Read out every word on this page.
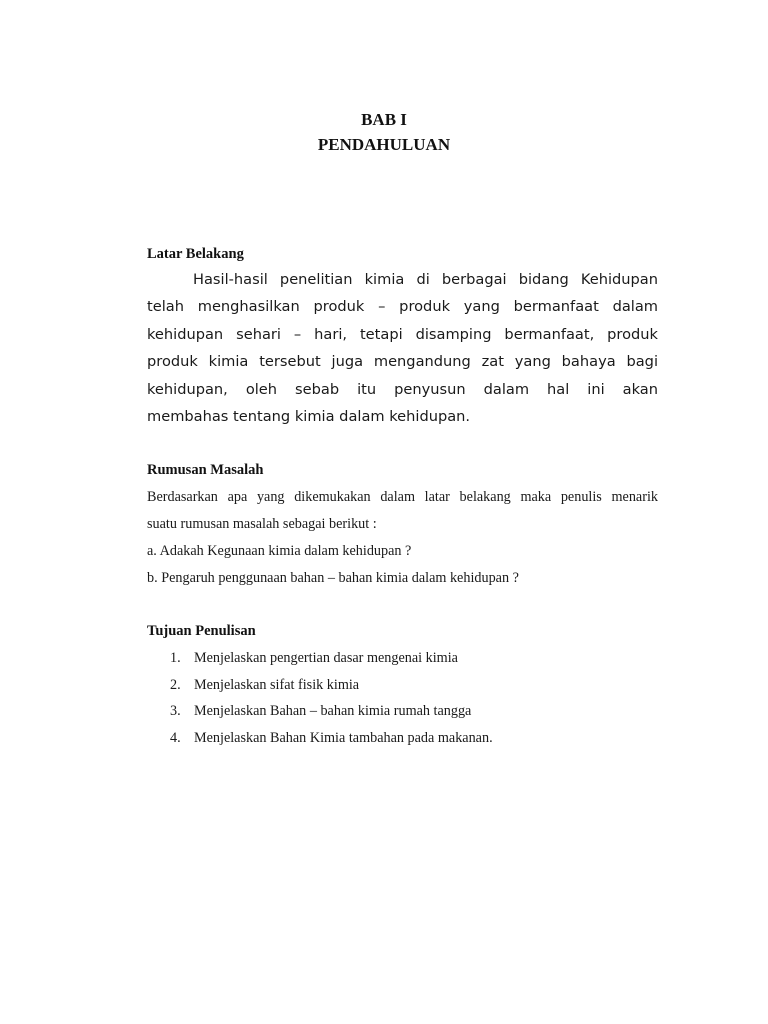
BAB I
PENDAHULUAN
Latar Belakang
Hasil-hasil penelitian kimia di berbagai bidang Kehidupan
telah menghasilkan produk – produk yang bermanfaat dalam
kehidupan sehari – hari, tetapi disamping bermanfaat, produk
produk kimia tersebut juga mengandung zat yang bahaya bagi
kehidupan, oleh sebab itu penyusun dalam hal ini akan
membahas tentang kimia dalam kehidupan.
Rumusan Masalah
Berdasarkan apa yang dikemukakan dalam latar belakang maka penulis menarik
suatu rumusan masalah sebagai berikut :
a. Adakah Kegunaan kimia dalam kehidupan ?
b. Pengaruh penggunaan bahan – bahan kimia dalam kehidupan ?
Tujuan Penulisan
1. Menjelaskan pengertian dasar mengenai kimia
2. Menjelaskan sifat fisik kimia
3. Menjelaskan Bahan – bahan kimia rumah tangga
4. Menjelaskan Bahan Kimia tambahan pada makanan.
